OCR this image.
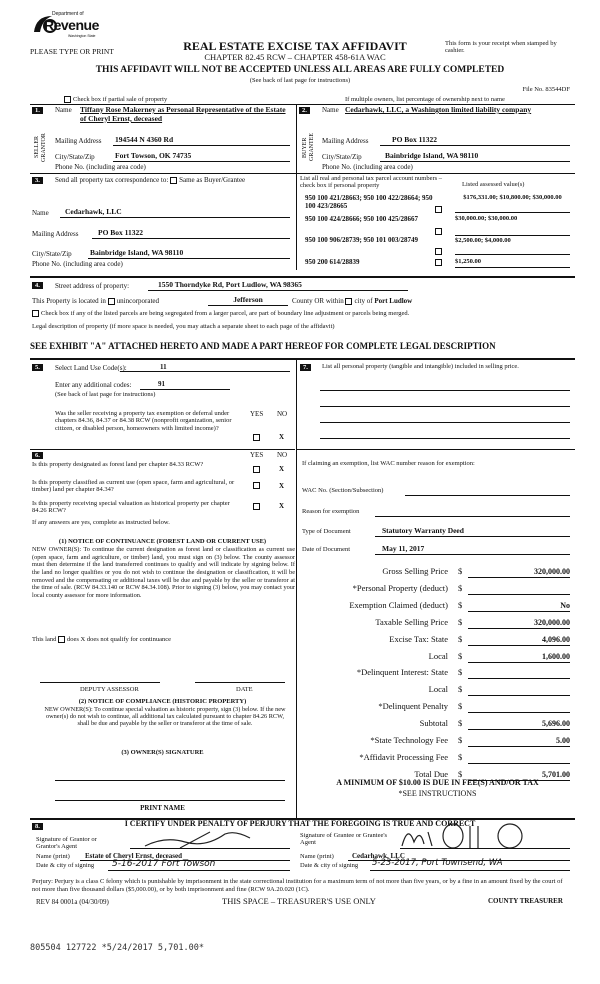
Department of
Revenue
Washington State
PLEASE TYPE OR PRINT	REAL ESTATE EXCISE TAX AFFIDAVIT
CHAPTER 82.45 RCW – CHAPTER 458-61A WAC
This form is your receipt when stamped by cashier.
THIS AFFIDAVIT WILL NOT BE ACCEPTED UNLESS ALL AREAS ARE FULLY COMPLETED
(See back of last page for instructions)
File No. 83544DF
Check box if partial sale of property	If multiple owners, list percentage of ownership next to name
1.
SELLER GRANTOR
Name Tiffany Rose Makerney as Personal Representative of the Estate of Cheryl Ernst, deceased
Mailing Address 194544 N 4360 Rd
City/State/Zip	Fort Towson, OK 74735
Phone No. (including area code)
2.
BUYER GRANTEE
Name Cedarhawk, LLC, a Washington limited liability company
Mailing Address	PO Box 11322
City/State/Zip	Bainbridge Island, WA 98110
Phone No. (including area code)
3.	Send all property tax correspondence to: Same as Buyer/Grantee
Name Cedarhawk, LLC
Mailing Address	PO Box 11322
City/State/Zip Bainbridge Island, WA 98110
Phone No. (including area code)
List all real and personal tax parcel account numbers – check box if personal property	Listed assessed value(s)
950 100 421/28663; 950 100 422/28664; 950 100 423/28665
$176,331.00; $10,800.00; $30,000.00
950 100 424/28666; 950 100 425/28667	$30,000.00; $30,000.00
950 100 906/28739; 950 101 003/28749	$2,500.00; $4,000.00
950 200 614/28839	$1,250.00
4.	Street address of property:	1550 Thorndyke Rd, Port Ludlow, WA 98365
This Property is located in unincorporated	Jefferson	County OR within city of Port Ludlow
Check box if any of the listed parcels are being segregated from a larger parcel, are part of boundary line adjustment or parcels being merged.
Legal description of property (if more space is needed, you may attach a separate sheet to each page of the affidavit)
SEE EXHIBIT "A" ATTACHED HERETO AND MADE A PART HEREOF FOR COMPLETE LEGAL DESCRIPTION
5.	Select Land Use Code(s):	11
Enter any additional codes:	91
(See back of last page for instructions)
YES NO
Was the seller receiving a property tax exemption or deferral under chapters 84.36, 84.37 or 84.38 RCW (nonprofit organization, senior citizen, or disabled person, homeowners with limited income)?
X
6.	YES NO
Is this property designated as forest land per chapter 84.33 RCW?
X
Is this property classified as current use (open space, farm and agricultural, or timber) land per chapter 84.34?	X
Is this property receiving special valuation as historical property per chapter 84.26 RCW?
X
If any answers are yes, complete as instructed below.
(1) NOTICE OF CONTINUANCE (FOREST LAND OR CURRENT USE)
NEW OWNER(S): To continue the current designation as forest land or classification as current use (open space, farm and agriculture, or timber) land, you must sign on (3) below. The county assessor must then determine if the land transferred continues to qualify and will indicate by signing below. If the land no longer qualifies or you do not wish to continue the designation or classification, it will be removed and the compensating or additional taxes will be due and payable by the seller or transferor at the time of sale. (RCW 84.33.140 or RCW 84.34.108). Prior to signing (3) below, you may contact your local county assessor for more information.
This land does X does not qualify for continuance
DEPUTY ASSESSOR	DATE
(2) NOTICE OF COMPLIANCE (HISTORIC PROPERTY)
NEW OWNER(S): To continue special valuation as historic property, sign (3) below. If the new owner(s) do not wish to continue, all additional tax calculated pursuant to chapter 84.26 RCW, shall be due and payable by the seller or transferor at the time of sale.
(3) OWNER(S) SIGNATURE
PRINT NAME
7.	List all personal property (tangible and intangible) included in selling price.
If claiming an exemption, list WAC number reason for exemption:
WAC No. (Section/Subsection)
Reason for exemption
Type of Document	Statutory Warranty Deed
Date of Document	May 11, 2017
Gross Selling Price $	320,000.00
*Personal Property (deduct) $
Exemption Claimed (deduct) $	No
Taxable Selling Price $	320,000.00
Excise Tax: State $	4,096.00
Local $	1,600.00
*Delinquent Interest: State $
Local $
*Delinquent Penalty $
Subtotal $	5,696.00
*State Technology Fee $	5.00
*Affidavit Processing Fee $
Total Due $	5,701.00
A MINIMUM OF $10.00 IS DUE IN FEE(S) AND/OR TAX
*SEE INSTRUCTIONS
8.	I CERTIFY UNDER PENALTY OF PERJURY THAT THE FOREGOING IS TRUE AND CORRECT
Signature of Grantor or Grantor's Agent
Name (print) Estate of Cheryl Ernst, deceased
Date & city of signing 5-16-2017 Fort Towson
Signature of Grantee or Grantee's Agent
Name (print)	Cedarhawk, LLC
Date & city of signing 5-23-2017, Port Townsend, WA
Perjury: Perjury is a class C felony which is punishable by imprisonment in the state correctional institution for a maximum term of not more than five years, or by a fine in an amount fixed by the court of not more than five thousand dollars ($5,000.00), or by both imprisonment and fine (RCW 9A.20.020 (1C).
REV 84 0001a (04/30/09)	THIS SPACE – TREASURER'S USE ONLY	COUNTY TREASURER
805504 127722 *5/24/2017 5,701.00*
